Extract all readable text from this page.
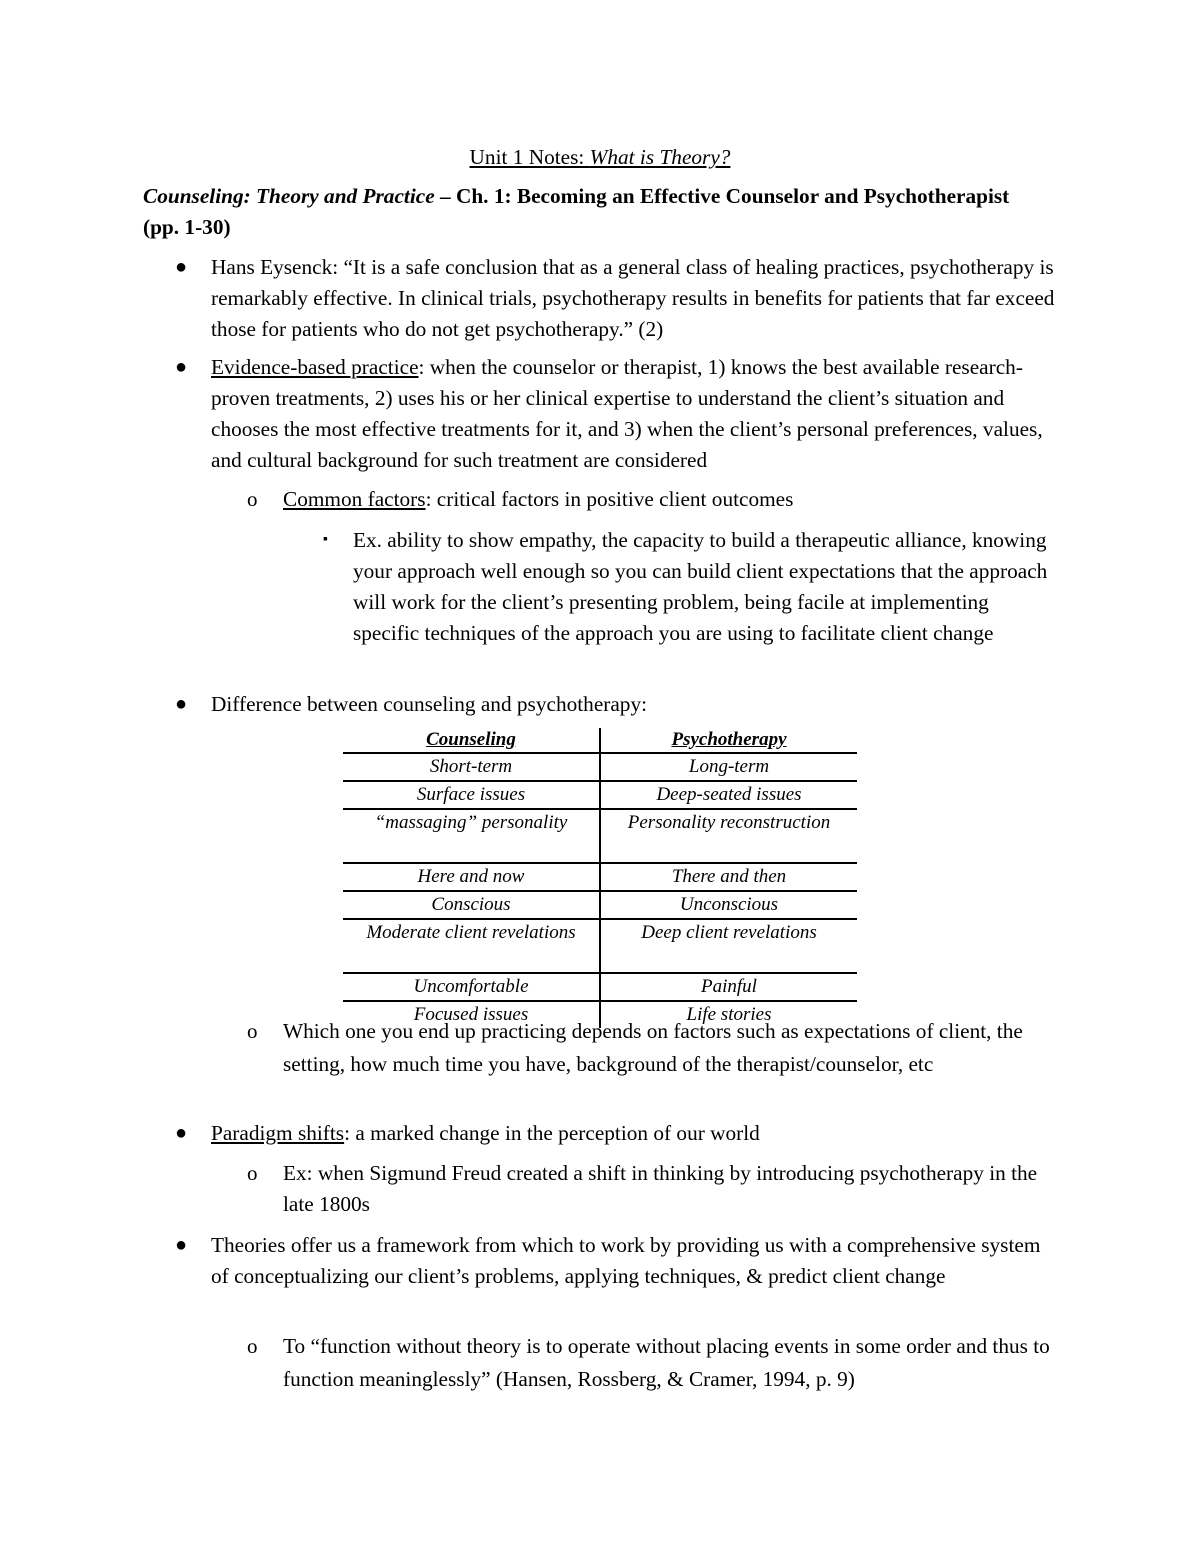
Unit 1 Notes: What is Theory?
Counseling: Theory and Practice – Ch. 1: Becoming an Effective Counselor and Psychotherapist (pp. 1-30)
● Hans Eysenck: “It is a safe conclusion that as a general class of healing practices, psychotherapy is remarkably effective. In clinical trials, psychotherapy results in benefits for patients that far exceed those for patients who do not get psychotherapy.” (2)
● Evidence-based practice: when the counselor or therapist, 1) knows the best available research-proven treatments, 2) uses his or her clinical expertise to understand the client’s situation and chooses the most effective treatments for it, and 3) when the client’s personal preferences, values, and cultural background for such treatment are considered
o Common factors: critical factors in positive client outcomes
▪ Ex. ability to show empathy, the capacity to build a therapeutic alliance, knowing your approach well enough so you can build client expectations that the approach will work for the client’s presenting problem, being facile at implementing specific techniques of the approach you are using to facilitate client change
● Difference between counseling and psychotherapy:
Counseling	Psychotherapy
Short-term	Long-term
Surface issues	Deep-seated issues
“massaging” personality	Personality reconstruction
Here and now	There and then
Conscious	Unconscious
Moderate client revelations	Deep client revelations
Uncomfortable	Painful
Focused issues	Life stories
o Which one you end up practicing depends on factors such as expectations of client, the setting, how much time you have, background of the therapist/counselor, etc
● Paradigm shifts: a marked change in the perception of our world
o Ex: when Sigmund Freud created a shift in thinking by introducing psychotherapy in the late 1800s
● Theories offer us a framework from which to work by providing us with a comprehensive system of conceptualizing our client’s problems, applying techniques, & predict client change
o To “function without theory is to operate without placing events in some order and thus to function meaninglessly” (Hansen, Rossberg, & Cramer, 1994, p. 9)
